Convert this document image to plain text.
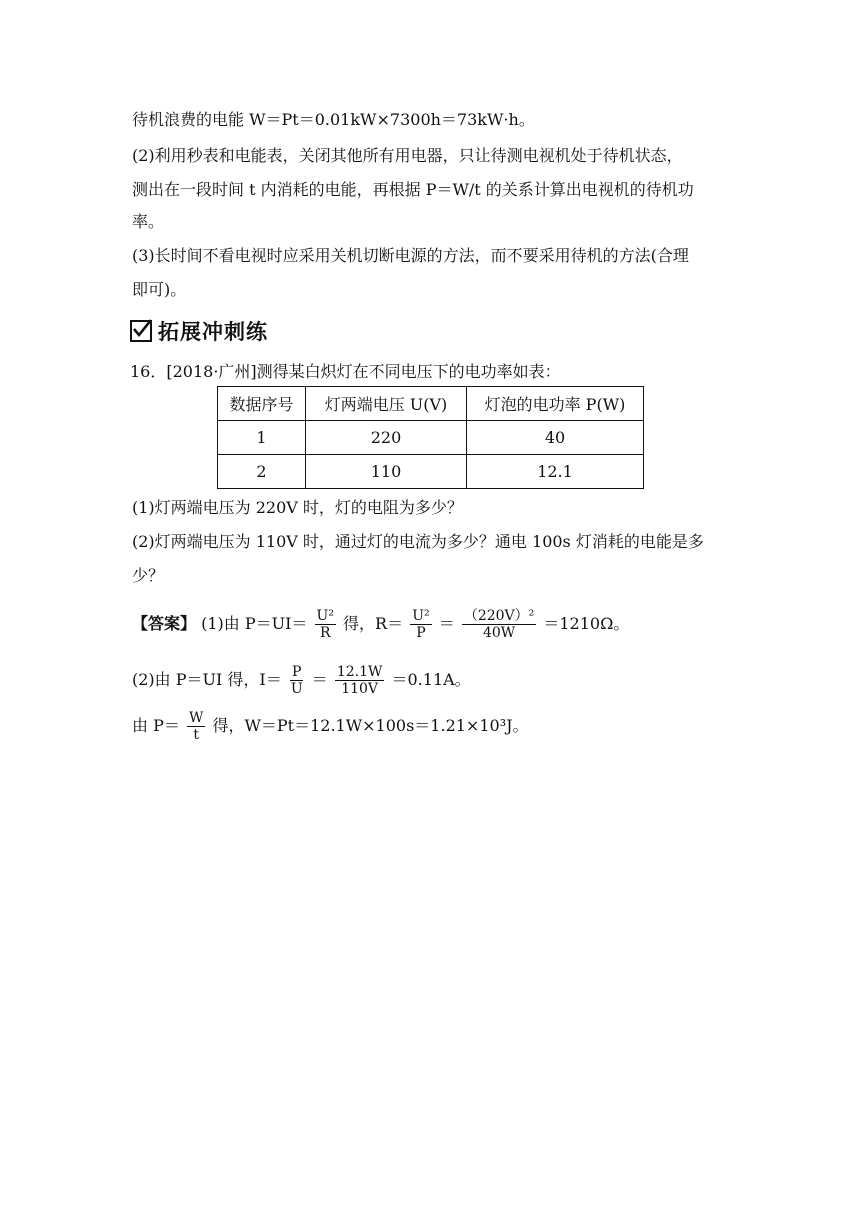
待机浪费的电能 W＝Pt＝0.01kW×7300h＝73kW·h。
(2)利用秒表和电能表，关闭其他所有用电器，只让待测电视机处于待机状态，
测出在一段时间 t 内消耗的电能，再根据 P＝W/t 的关系计算出电视机的待机功
率。
(3)长时间不看电视时应采用关机切断电源的方法，而不要采用待机的方法(合理
即可)。
拓展冲刺练
16．[2018·广州]测得某白炽灯在不同电压下的电功率如表：
数据序号	灯两端电压 U(V)	灯泡的电功率 P(W)
1	220	40
2	110	12.1
(1)灯两端电压为 220V 时，灯的电阻为多少？
(2)灯两端电压为 110V 时，通过灯的电流为多少？通电 100s 灯消耗的电能是多
少？
【答案】 (1)由 $P=UI= \frac{\text{U²}}{R}$ 得，$R= \frac{\text{U²}}{P} = \frac{\text{（220V）²}}{40W} =1210\Omega$。
(2)由 P＝UI 得，$I= \frac{P}{U} = \frac{12.1W}{110V} =0.11A$。
由 $P= \frac{W}{t}$ 得，W＝Pt＝12.1W×100s＝1.21×10³J。
